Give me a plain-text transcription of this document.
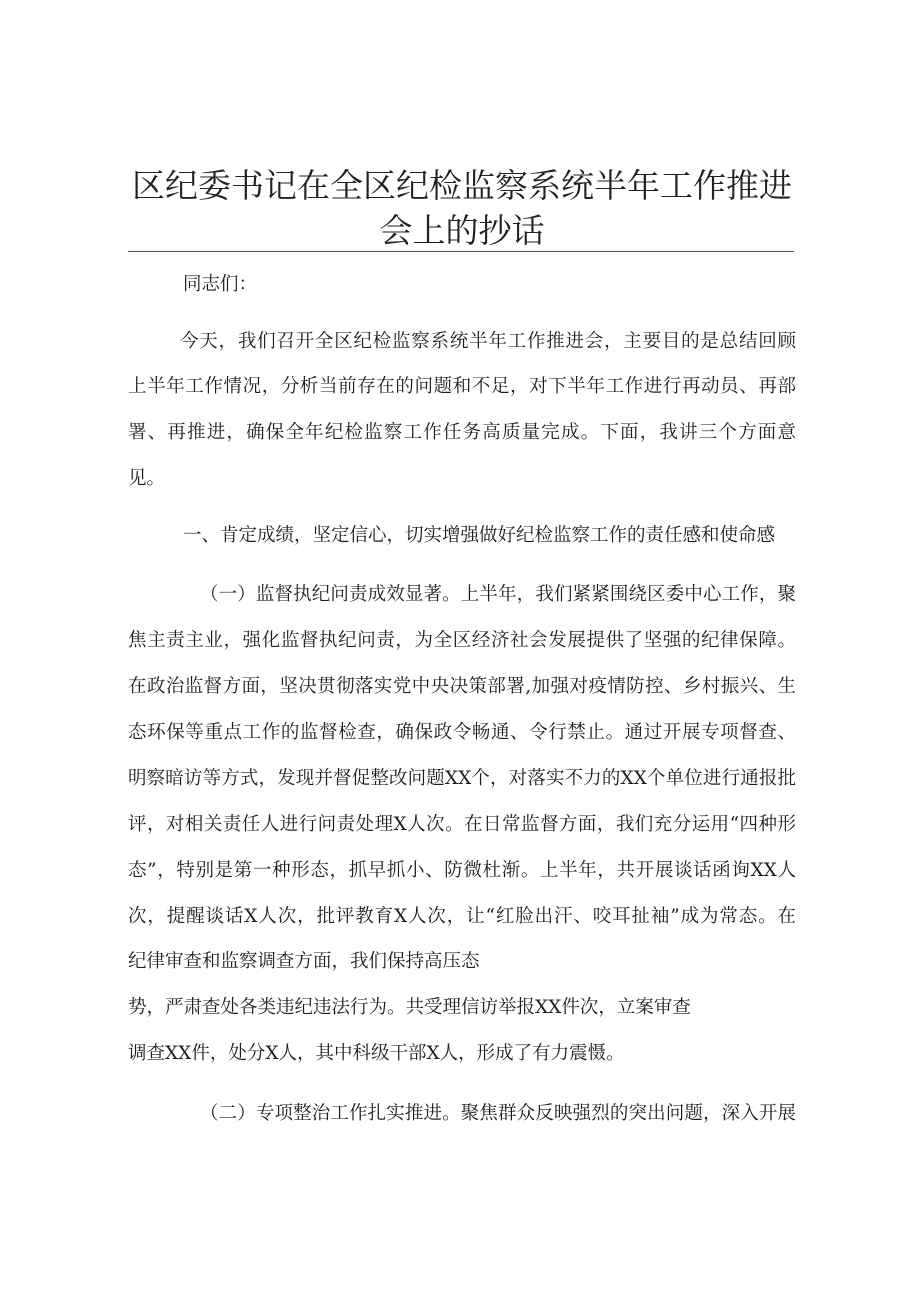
区纪委书记在全区纪检监察系统半年工作推进
会上的抄话
同志们：
今天，我们召开全区纪检监察系统半年工作推进会，主要目的是总结回顾
上半年工作情况，分析当前存在的问题和不足，对下半年工作进行再动员、再部
署、再推进，确保全年纪检监察工作任务高质量完成。下面，我讲三个方面意
见。
一、肯定成绩，坚定信心，切实增强做好纪检监察工作的责任感和使命感
（一）监督执纪问责成效显著。上半年，我们紧紧围绕区委中心工作，聚
焦主责主业，强化监督执纪问责，为全区经济社会发展提供了坚强的纪律保障。
在政治监督方面，坚决贯彻落实党中央决策部署,加强对疫情防控、乡村振兴、生
态环保等重点工作的监督检查，确保政令畅通、令行禁止。通过开展专项督查、
明察暗访等方式，发现并督促整改问题XX个，对落实不力的XX个单位进行通报批
评，对相关责任人进行问责处理X人次。在日常监督方面，我们充分运用“四种形
态”，特别是第一种形态，抓早抓小、防微杜渐。上半年，共开展谈话函询XX人
次，提醒谈话X人次，批评教育X人次，让“红脸出汗、咬耳扯袖”成为常态。在
纪律审查和监察调查方面，我们保持高压态
势，严肃查处各类违纪违法行为。共受理信访举报XX件次，立案审查
调查XX件，处分X人，其中科级干部X人，形成了有力震慑。
（二）专项整治工作扎实推进。聚焦群众反映强烈的突出问题，深入开展
